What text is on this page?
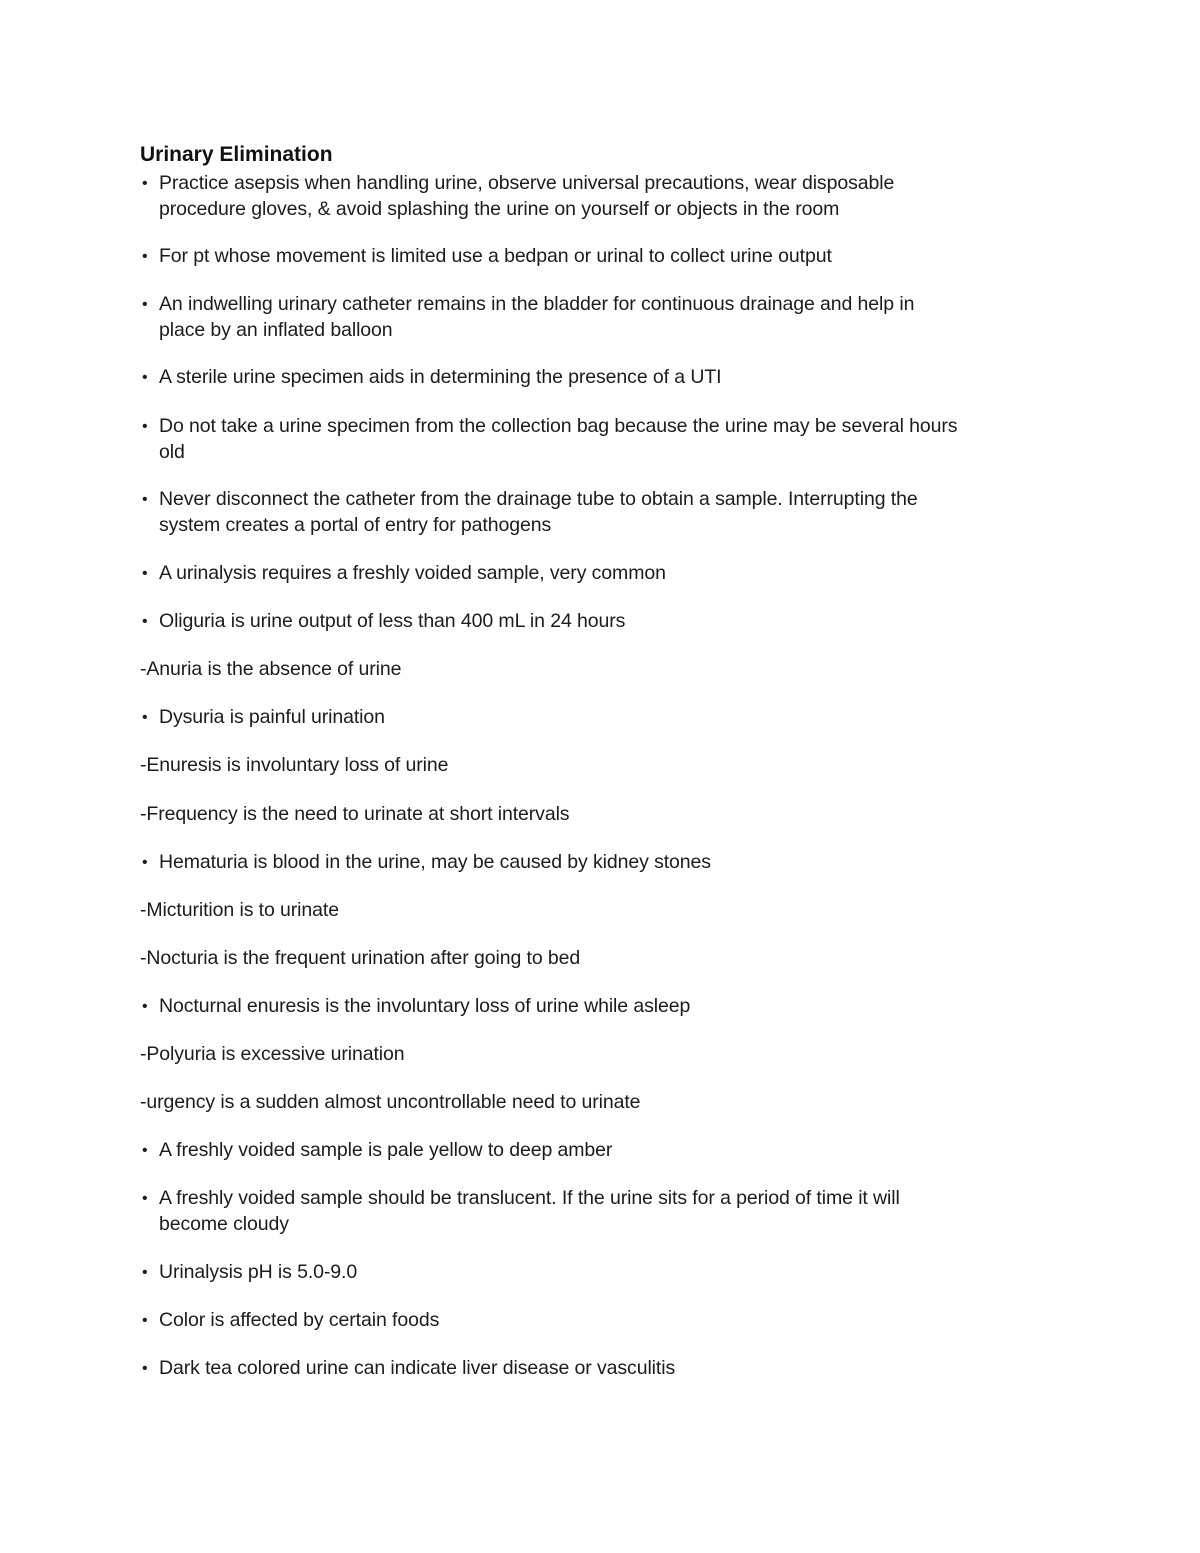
Urinary Elimination
• Practice asepsis when handling urine, observe universal precautions, wear disposable
procedure gloves, & avoid splashing the urine on yourself or objects in the room
• For pt whose movement is limited use a bedpan or urinal to collect urine output
• An indwelling urinary catheter remains in the bladder for continuous drainage and help in
place by an inflated balloon
• A sterile urine specimen aids in determining the presence of a UTI
• Do not take a urine specimen from the collection bag because the urine may be several hours
old
• Never disconnect the catheter from the drainage tube to obtain a sample. Interrupting the
system creates a portal of entry for pathogens
• A urinalysis requires a freshly voided sample, very common
• Oliguria is urine output of less than 400 mL in 24 hours
-Anuria is the absence of urine
• Dysuria is painful urination
-Enuresis is involuntary loss of urine
-Frequency is the need to urinate at short intervals
• Hematuria is blood in the urine, may be caused by kidney stones
-Micturition is to urinate
-Nocturia is the frequent urination after going to bed
• Nocturnal enuresis is the involuntary loss of urine while asleep
-Polyuria is excessive urination
-urgency is a sudden almost uncontrollable need to urinate
• A freshly voided sample is pale yellow to deep amber
• A freshly voided sample should be translucent. If the urine sits for a period of time it will
become cloudy
• Urinalysis pH is 5.0-9.0
• Color is affected by certain foods
• Dark tea colored urine can indicate liver disease or vasculitis
